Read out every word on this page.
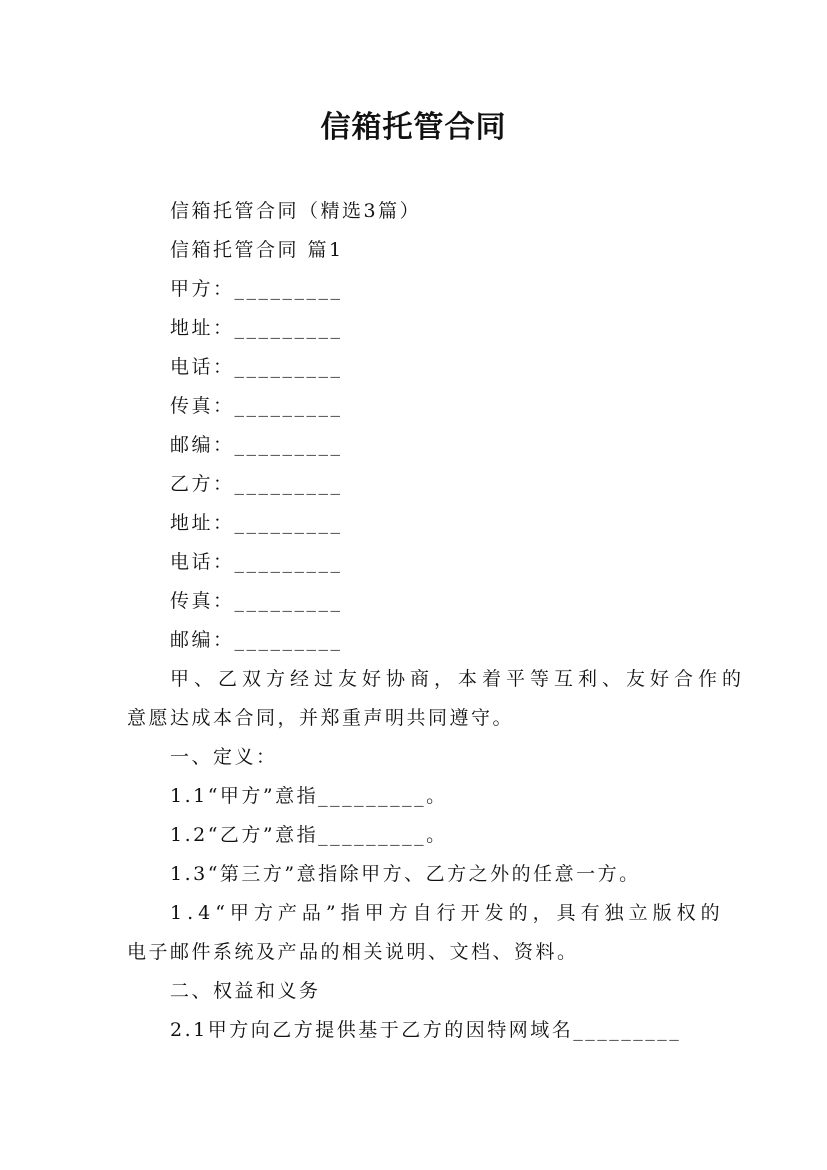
信箱托管合同
信箱托管合同（精选3篇）
信箱托管合同 篇1
甲方：_________
地址：_________
电话：_________
传真：_________
邮编：_________
乙方：_________
地址：_________
电话：_________
传真：_________
邮编：_________
甲、乙双方经过友好协商，本着平等互利、友好合作的
意愿达成本合同，并郑重声明共同遵守。
一、定义：
1.1“甲方”意指_________。
1.2“乙方”意指_________。
1.3“第三方”意指除甲方、乙方之外的任意一方。
1.4“甲方产品”指甲方自行开发的，具有独立版权的
电子邮件系统及产品的相关说明、文档、资料。
二、权益和义务
2.1甲方向乙方提供基于乙方的因特网域名_________
